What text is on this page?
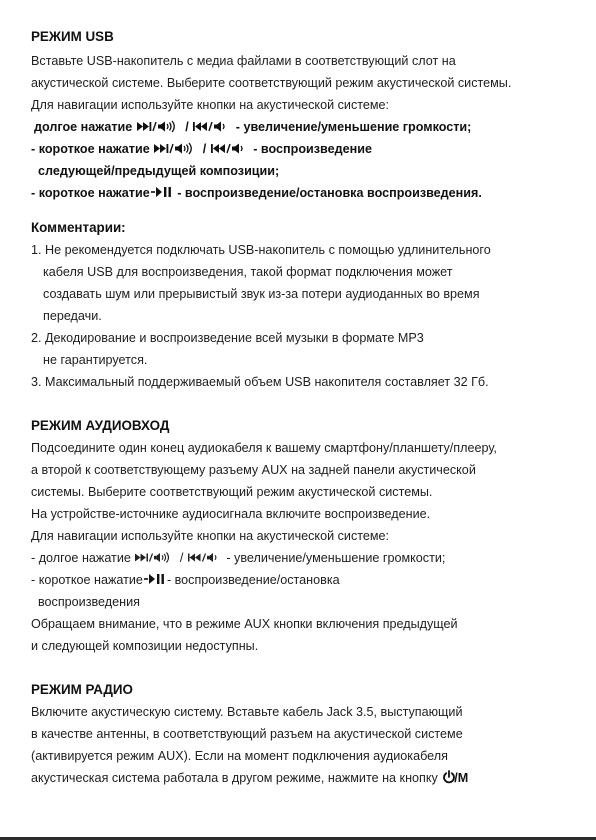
РЕЖИМ USB
Вставьте USB-накопитель с медиа файлами в соответствующий слот на
акустической системе. Выберите соответствующий режим акустической системы.
Для навигации используйте кнопки на акустической системе:
долгое нажатие	/	- увеличение/уменьшение громкости;
- короткое нажатие	/	- воспроизведение
следующей/предыдущей композиции;
- короткое нажатие - воспроизведение/остановка воспроизведения.
Комментарии:
1. Не рекомендуется подключать USB-накопитель с помощью удлинительного
кабеля USB для воспроизведения, такой формат подключения может
создавать шум или прерывистый звук из-за потери аудиоданных во время
передачи.
2. Декодирование и воспроизведение всей музыки в формате MP3
не гарантируется.
3. Максимальный поддерживаемый объем USB накопителя составляет 32 Гб.
РЕЖИМ АУДИОВХОД
Подсоедините один конец аудиокабеля к вашему смартфону/планшету/плееру,
а второй к соответствующему разъему AUX на задней панели акустической
системы. Выберите соответствующий режим акустической системы.
На устройстве-источнике аудиосигнала включите воспроизведение.
Для навигации используйте кнопки на акустической системе:
- долгое нажатие	/	- увеличение/уменьшение громкости;
- короткое нажатие - воспроизведение/остановка
воспроизведения
Обращаем внимание, что в режиме AUX кнопки включения предыдущей
и следующей композиции недоступны.
РЕЖИМ РАДИО
Включите акустическую систему. Вставьте кабель Jack 3.5, выступающий
в качестве антенны, в соответствующий разъем на акустической системе
(активируется режим AUX). Если на момент подключения аудиокабеля
акустическая система работала в другом режиме, нажмите на кнопку /M
